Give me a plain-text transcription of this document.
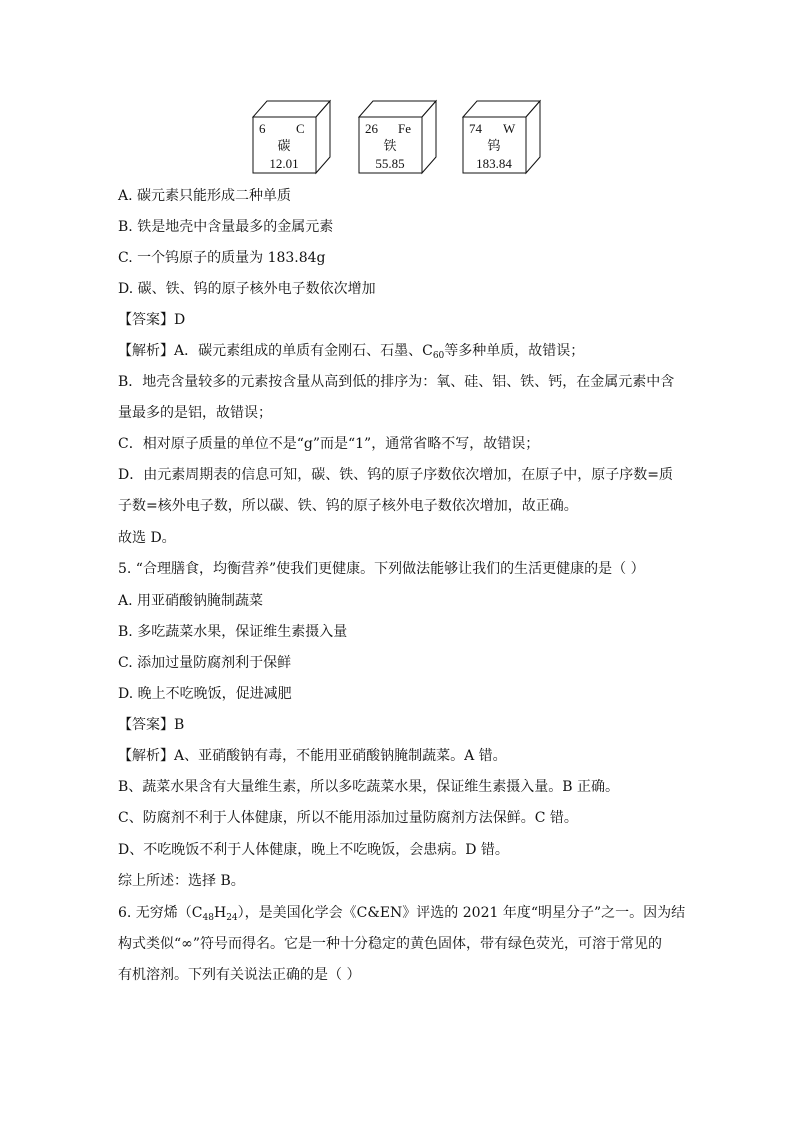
6 C
碳
12.01
26 Fe
铁
55.85
74 W
钨
183.84
A. 碳元素只能形成二种单质
B. 铁是地壳中含量最多的金属元素
C. 一个钨原子的质量为 183.84g
D. 碳、铁、钨的原子核外电子数依次增加
【答案】D
【解析】A．碳元素组成的单质有金刚石、石墨、$C_{60}$等多种单质，故错误；
B．地壳含量较多的元素按含量从高到低的排序为：氧、硅、铝、铁、钙，在金属元素中含
量最多的是铝，故错误；
C．相对原子质量的单位不是“g”而是“1”，通常省略不写，故错误；
D．由元素周期表的信息可知，碳、铁、钨的原子序数依次增加，在原子中，原子序数=质
子数=核外电子数，所以碳、铁、钨的原子核外电子数依次增加，故正确。
故选 D。
5. “合理膳食，均衡营养”使我们更健康。下列做法能够让我们的生活更健康的是（ ）
A. 用亚硝酸钠腌制蔬菜
B. 多吃蔬菜水果，保证维生素摄入量
C. 添加过量防腐剂利于保鲜
D. 晚上不吃晚饭，促进减肥
【答案】B
【解析】A、亚硝酸钠有毒，不能用亚硝酸钠腌制蔬菜。A 错。
B、蔬菜水果含有大量维生素，所以多吃蔬菜水果，保证维生素摄入量。B 正确。
C、防腐剂不利于人体健康，所以不能用添加过量防腐剂方法保鲜。C 错。
D、不吃晚饭不利于人体健康，晚上不吃晚饭，会患病。D 错。
综上所述：选择 B。
6. 无穷烯$(C_{48}H_{24})$，是美国化学会《C&EN》评选的 2021 年度“明星分子”之一。因为结
构式类似“∞”符号而得名。它是一种十分稳定的黄色固体，带有绿色荧光，可溶于常见的
有机溶剂。下列有关说法正确的是（ ）
